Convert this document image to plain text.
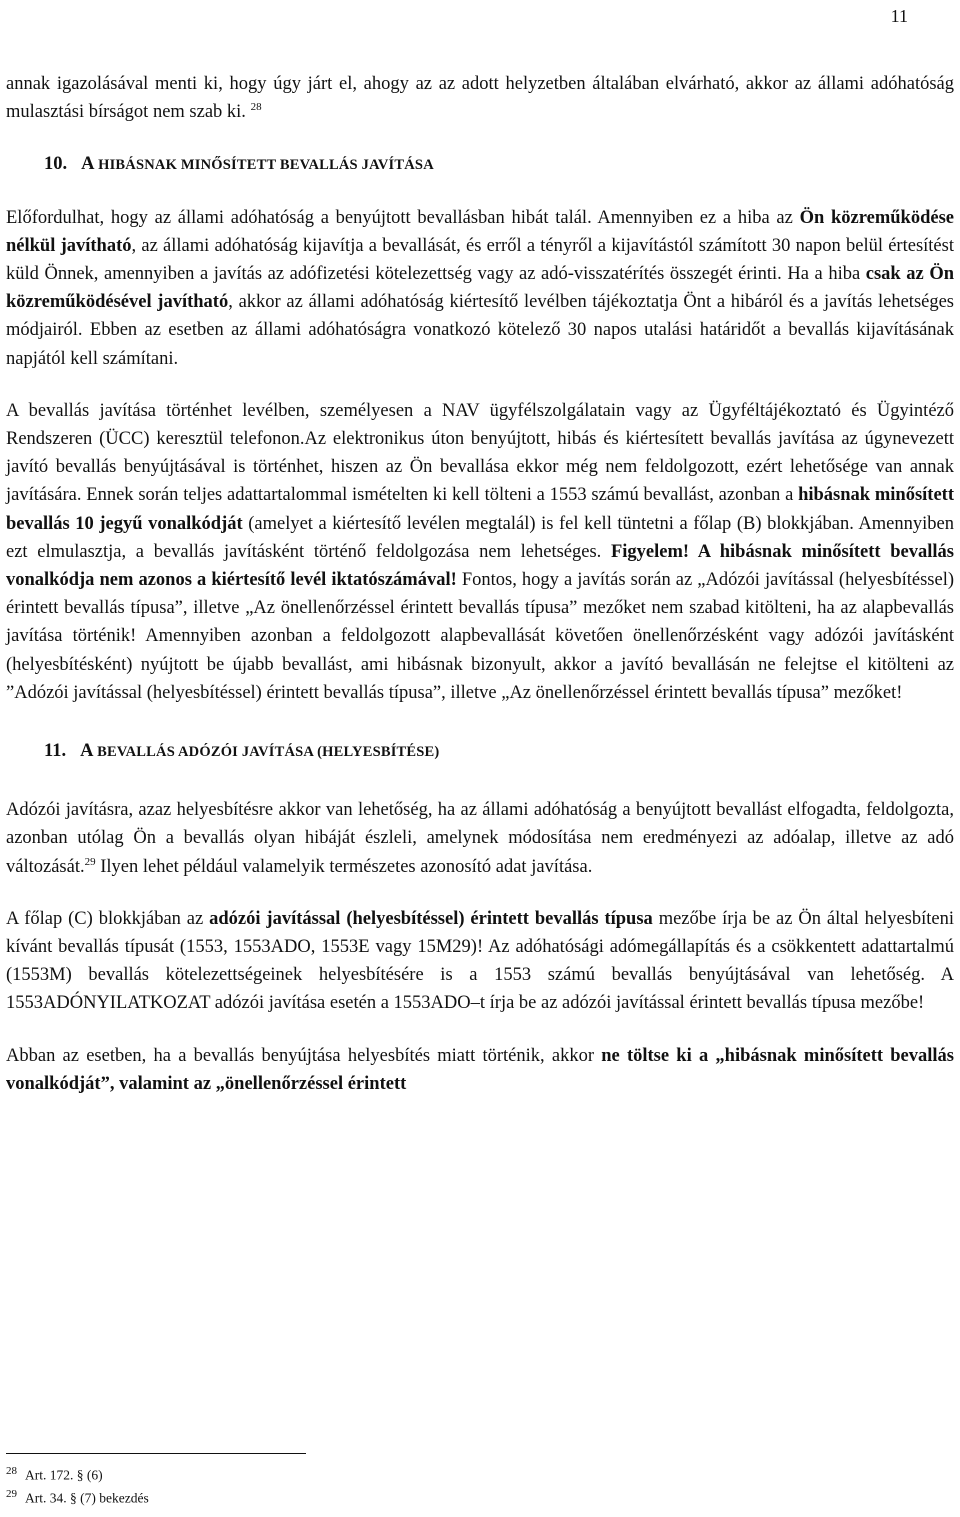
11

annak igazolásával menti ki, hogy úgy járt el, ahogy az az adott helyzetben általában elvárható, akkor az állami adóhatóság mulasztási bírságot nem szab ki. $^{28}$

10. A HIBÁSNAK MINŐSÍTETT BEVALLÁS JAVÍTÁSA

Előfordulhat, hogy az állami adóhatóság a benyújtott bevallásban hibát talál. Amennyiben ez a hiba az Ön közreműködése nélkül javítható, az állami adóhatóság kijavítja a bevallását, és erről a tényről a kijavítástól számított 30 napon belül értesítést küld Önnek, amennyiben a javítás az adófizetési kötelezettség vagy az adó-visszatérítés összegét érinti. Ha a hiba csak az Ön közreműködésével javítható, akkor az állami adóhatóság kiértesítő levélben tájékoztatja Önt a hibáról és a javítás lehetséges módjairól. Ebben az esetben az állami adóhatóságra vonatkozó kötelező 30 napos utalási határidőt a bevallás kijavításának napjától kell számítani.

A bevallás javítása történhet levélben, személyesen a NAV ügyfélszolgálatain vagy az Ügyféltájékoztató és Ügyintéző Rendszeren (ÜCC) keresztül telefonon.Az elektronikus úton benyújtott, hibás és kiértesített bevallás javítása az úgynevezett javító bevallás benyújtásával is történhet, hiszen az Ön bevallása ekkor még nem feldolgozott, ezért lehetősége van annak javítására. Ennek során teljes adattartalommal ismételten ki kell tölteni a 1553 számú bevallást, azonban a hibásnak minősített bevallás 10 jegyű vonalkódját (amelyet a kiértesítő levélen megtalál) is fel kell tüntetni a főlap (B) blokkjában. Amennyiben ezt elmulasztja, a bevallás javításként történő feldolgozása nem lehetséges. Figyelem! A hibásnak minősített bevallás vonalkódja nem azonos a kiértesítő levél iktatószámával! Fontos, hogy a javítás során az „Adózói javítással (helyesbítéssel) érintett bevallás típusa”, illetve „Az önellenőrzéssel érintett bevallás típusa” mezőket nem szabad kitölteni, ha az alapbevallás javítása történik! Amennyiben azonban a feldolgozott alapbevallását követően önellenőrzésként vagy adózói javításként (helyesbítésként) nyújtott be újabb bevallást, ami hibásnak bizonyult, akkor a javító bevallásán ne felejtse el kitölteni az ”Adózói javítással (helyesbítéssel) érintett bevallás típusa”, illetve „Az önellenőrzéssel érintett bevallás típusa” mezőket!

11. A BEVALLÁS ADÓZÓI JAVÍTÁSA (HELYESBÍTÉSE)

Adózói javításra, azaz helyesbítésre akkor van lehetőség, ha az állami adóhatóság a benyújtott bevallást elfogadta, feldolgozta, azonban utólag Ön a bevallás olyan hibáját észleli, amelynek módosítása nem eredményezi az adóalap, illetve az adó változását.$^{29}$ Ilyen lehet például valamelyik természetes azonosító adat javítása.

A főlap (C) blokkjában az adózói javítással (helyesbítéssel) érintett bevallás típusa mezőbe írja be az Ön által helyesbíteni kívánt bevallás típusát (1553, 1553ADO, 1553E vagy 15M29)! Az adóhatósági adómegállapítás és a csökkentett adattartalmú (1553M) bevallás kötelezettségeinek helyesbítésére is a 1553 számú bevallás benyújtásával van lehetőség. A 1553ADÓNYILATKOZAT adózói javítása esetén a 1553ADO–t írja be az adózói javítással érintett bevallás típusa mezőbe!

Abban az esetben, ha a bevallás benyújtása helyesbítés miatt történik, akkor ne töltse ki a „hibásnak minősített bevallás vonalkódját”, valamint az „önellenőrzéssel érintett

$^{28}$ Art. 172. § (6)
$^{29}$ Art. 34. § (7) bekezdés
